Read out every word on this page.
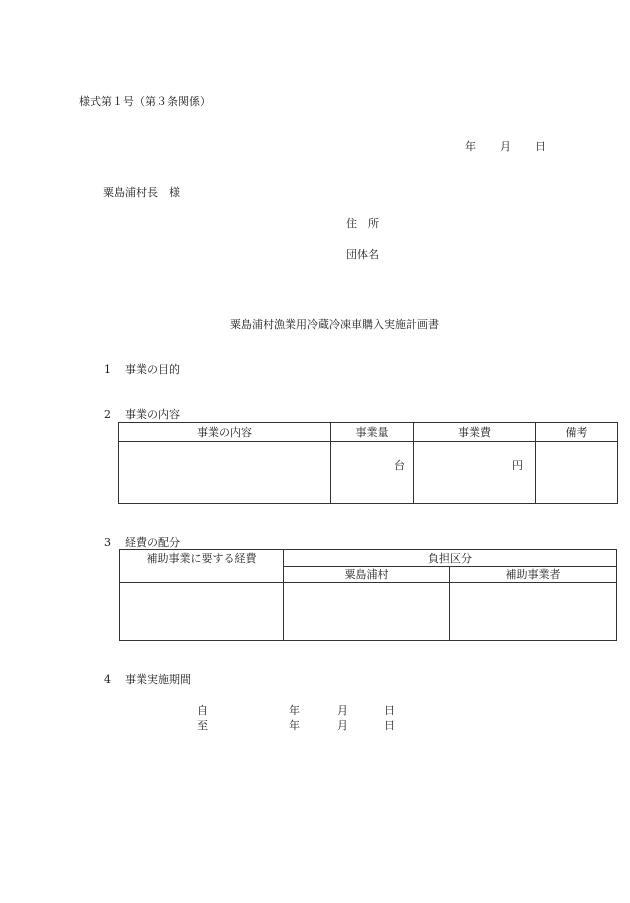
様式第１号（第３条関係）
年 月 日
粟島浦村長　様
住　所
団体名
粟島浦村漁業用冷蔵冷凍車購入実施計画書
1 事業の目的
2 事業の内容
事業の内容	事業量	事業費	備考
	台	円	
3 経費の配分
補助事業に要する経費	負担区分	
	粟島浦村	補助事業者

4 事業実施期間
自	年	月	日
至	年	月	日
